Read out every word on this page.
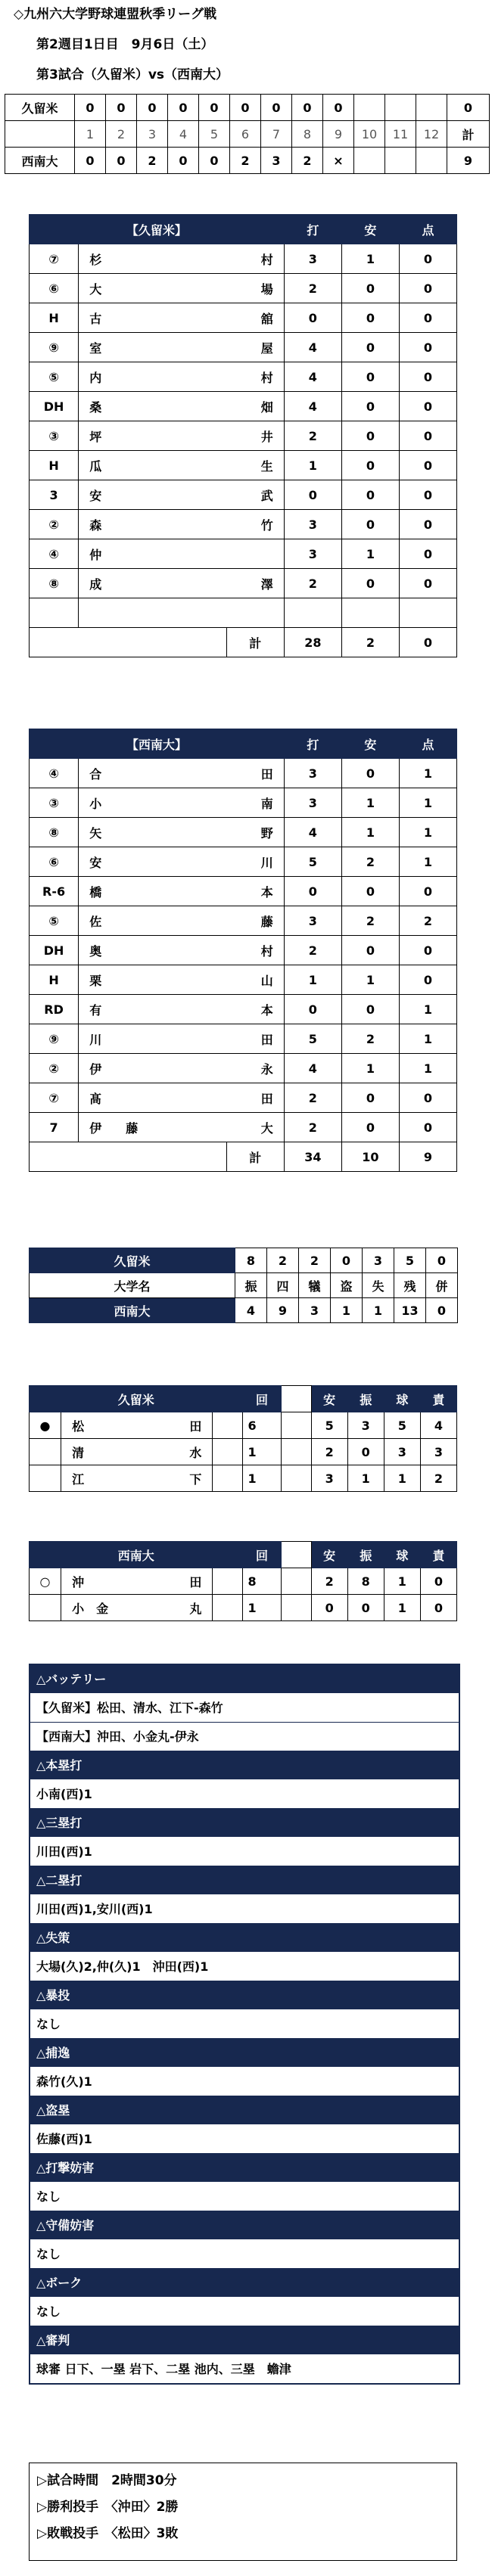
◇九州六大学野球連盟秋季リーグ戦
第2週目1日目　9月6日（土）
第3試合（久留米）vs（西南大）
久留米	0	0	0	0	0	0	0	0	0				0
	1	2	3	4	5	6	7	8	9	10	11	12	計
西南大	0	0	2	0	0	2	3	2	×				9
【久留米】			打	安	点
⑦	杉 村		3	1	0
⑥	大 場		2	0	0
H	古 舘		0	0	0
⑨	室 屋		4	0	0
⑤	内 村		4	0	0
DH	桑 畑		4	0	0
③	坪 井		2	0	0
H	瓜 生		1	0	0
3	安 武		0	0	0
②	森 竹		3	0	0
④	仲		3	1	0
⑧	成 澤		2	0	0

		計	28	2	0
【西南大】			打	安	点
④	合 田		3	0	1
③	小 南		3	1	1
⑧	矢 野		4	1	1
⑥	安 川		5	2	1
R-6	橋 本		0	0	0
⑤	佐 藤		3	2	2
DH	奥 村		2	0	0
H	栗 山		1	1	0
RD	有 本		0	0	1
⑨	川 田		5	2	1
②	伊 永		4	1	1
⑦	髙 田		2	0	0
7	伊　　藤 大		2	0	0
		計	34	10	9
久留米	8	2	2	0	3	5	0
大学名	振	四	犠	盗	失	残	併
西南大	4	9	3	1	1	13	0
久留米			回		安	振	球	責
●	松 田		6		5	3	5	4

	清 水		1		2	0	3	3

	江 下		1		3	1	1	2
西南大			回		安	振	球	責
○	沖 田		8		2	8	1	0

	小　金 丸		1		0	0	1	0
△バッテリー
【久留米】松田、清水、江下-森竹
【西南大】沖田、小金丸-伊永
△本塁打
小南(西)1
△三塁打
川田(西)1
△二塁打
川田(西)1,安川(西)1
△失策
大場(久)2,仲(久)1　沖田(西)1
△暴投
なし
△捕逸
森竹(久)1
△盗塁
佐藤(西)1
△打撃妨害
なし
△守備妨害
なし
△ボーク
なし
△審判
球審 日下、一塁 岩下、二塁 池内、三塁　蟾津
▷試合時間　2時間30分
▷勝利投手　〈沖田〉2勝
▷敗戦投手　〈松田〉3敗
